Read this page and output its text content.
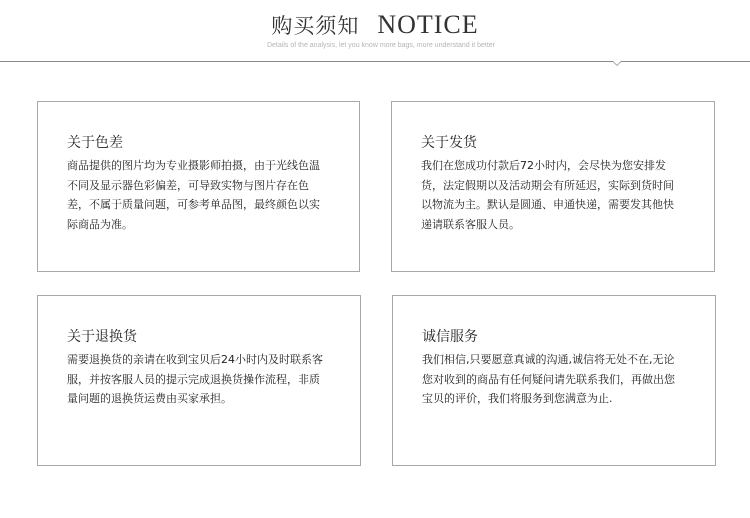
购买须知 NOTICE
Details of the analysis, let you know more bags, more understand it better
关于色差
商品提供的图片均为专业摄影师拍摄，由于光线色温不同及显示器色彩偏差，可导致实物与图片存在色差，不属于质量问题，可参考单品图，最终颜色以实际商品为准。
关于发货
我们在您成功付款后72小时内，会尽快为您安排发货，法定假期以及活动期会有所延迟，实际到货时间以物流为主。默认是圆通、申通快递，需要发其他快递请联系客服人员。
关于退换货
需要退换货的亲请在收到宝贝后24小时内及时联系客服，并按客服人员的提示完成退换货操作流程，非质量问题的退换货运费由买家承担。
诚信服务
我们相信,只要愿意真诚的沟通,诚信将无处不在,无论您对收到的商品有任何疑问请先联系我们，再做出您宝贝的评价，我们将服务到您满意为止.
